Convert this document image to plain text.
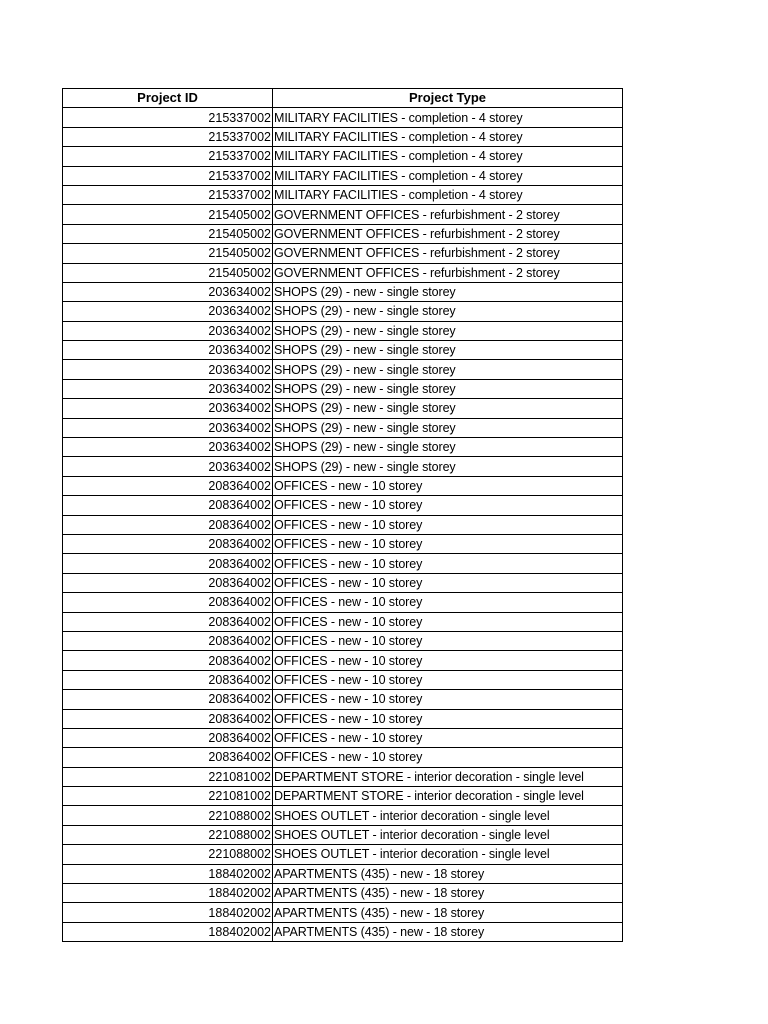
Project ID	Project Type
215337002	MILITARY FACILITIES - completion - 4 storey
215337002	MILITARY FACILITIES - completion - 4 storey
215337002	MILITARY FACILITIES - completion - 4 storey
215337002	MILITARY FACILITIES - completion - 4 storey
215337002	MILITARY FACILITIES - completion - 4 storey
215405002	GOVERNMENT OFFICES - refurbishment - 2 storey
215405002	GOVERNMENT OFFICES - refurbishment - 2 storey
215405002	GOVERNMENT OFFICES - refurbishment - 2 storey
215405002	GOVERNMENT OFFICES - refurbishment - 2 storey
203634002	SHOPS (29) - new - single storey
203634002	SHOPS (29) - new - single storey
203634002	SHOPS (29) - new - single storey
203634002	SHOPS (29) - new - single storey
203634002	SHOPS (29) - new - single storey
203634002	SHOPS (29) - new - single storey
203634002	SHOPS (29) - new - single storey
203634002	SHOPS (29) - new - single storey
203634002	SHOPS (29) - new - single storey
203634002	SHOPS (29) - new - single storey
208364002	OFFICES - new - 10 storey
208364002	OFFICES - new - 10 storey
208364002	OFFICES - new - 10 storey
208364002	OFFICES - new - 10 storey
208364002	OFFICES - new - 10 storey
208364002	OFFICES - new - 10 storey
208364002	OFFICES - new - 10 storey
208364002	OFFICES - new - 10 storey
208364002	OFFICES - new - 10 storey
208364002	OFFICES - new - 10 storey
208364002	OFFICES - new - 10 storey
208364002	OFFICES - new - 10 storey
208364002	OFFICES - new - 10 storey
208364002	OFFICES - new - 10 storey
208364002	OFFICES - new - 10 storey
221081002	DEPARTMENT STORE - interior decoration - single level
221081002	DEPARTMENT STORE - interior decoration - single level
221088002	SHOES OUTLET - interior decoration - single level
221088002	SHOES OUTLET - interior decoration - single level
221088002	SHOES OUTLET - interior decoration - single level
188402002	APARTMENTS (435) - new - 18 storey
188402002	APARTMENTS (435) - new - 18 storey
188402002	APARTMENTS (435) - new - 18 storey
188402002	APARTMENTS (435) - new - 18 storey
